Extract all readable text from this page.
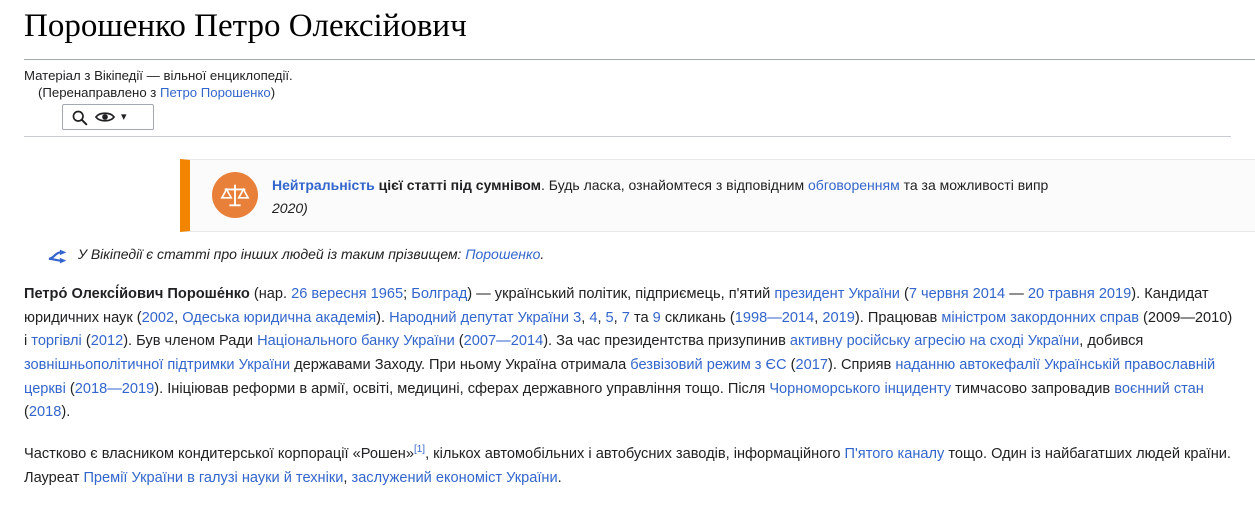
Порошенко Петро Олексійович
Матеріал з Вікіпедії — вільної енциклопедії.
(Перенаправлено з Петро Порошенко)
▾
Нейтральність цієї статті під сумнівом. Будь ласка, ознайомтеся з відповідним обговоренням та за можливості випр
2020)
У Вікіпедії є статті про інших людей із таким прізвищем: Порошенко.

Петро́ Олексі́йович Пороше́нко (нар. 26 вересня 1965; Болград) — український політик, підприємець, п'ятий президент України (7 червня 2014 — 20 травня 2019). Кандидат юридичних наук (2002, Одеська юридична академія). Народний депутат України 3, 4, 5, 7 та 9 скликань (1998—2014, 2019). Працював міністром закордонних справ (2009—2010) і торгівлі (2012). Був членом Ради Національного банку України (2007—2014). За час президентства призупинив активну російську агресію на сході України, добився зовнішньополітичної підтримки України державами Заходу. При ньому Україна отримала безвізовий режим з ЄС (2017). Сприяв наданню автокефалії Українській православній церкві (2018—2019). Ініціював реформи в армії, освіті, медицині, сферах державного управління тощо. Після Чорноморського інциденту тимчасово запровадив воєнний стан (2018).

Частково є власником кондитерської корпорації «Рошен»[1], кількох автомобільних і автобусних заводів, інформаційного П'ятого каналу тощо. Один із найбагатших людей країни. Лауреат Премії України в галузі науки й техніки, заслужений економіст України.
